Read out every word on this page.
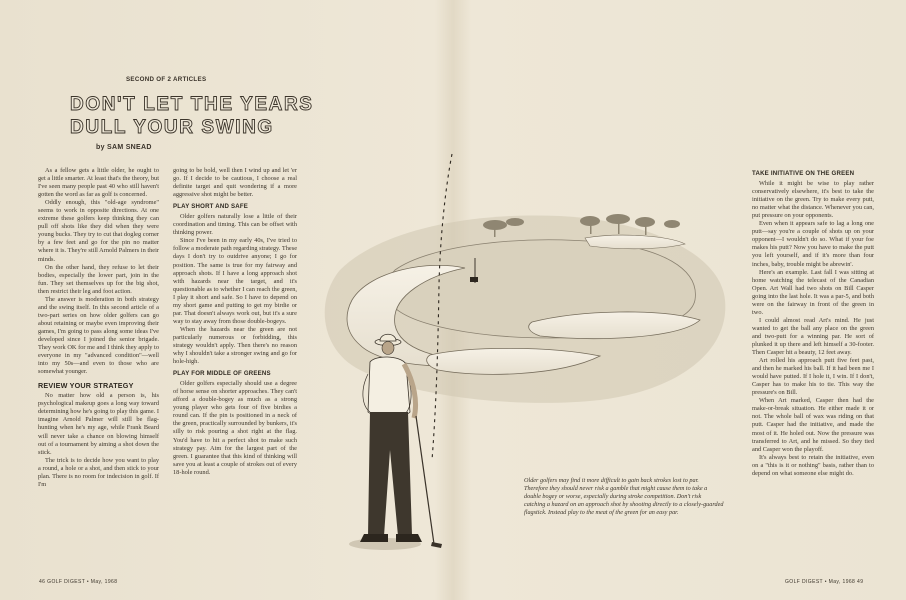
SECOND OF 2 ARTICLES
DON'T LET THE YEARS
DULL YOUR SWING
by SAM SNEAD

As a fellow gets a little older, he ought to get a little smarter. At least that's the theory, but I've seen many people past 40 who still haven't gotten the word as far as golf is concerned.

Oddly enough, this "old-age syndrome" seems to work in opposite directions. At one extreme these golfers keep thinking they can pull off shots like they did when they were young bucks. They try to cut that dogleg corner by a few feet and go for the pin no matter where it is. They're still Arnold Palmers in their minds.

On the other hand, they refuse to let their bodies, especially the lower part, join in the fun. They set themselves up for the big shot, then restrict their leg and foot action.

The answer is moderation in both strategy and the swing itself. In this second article of a two-part series on how older golfers can go about retaining or maybe even improving their games, I'm going to pass along some ideas I've developed since I joined the senior brigade. They work OK for me and I think they apply to everyone in my "advanced condition"—well into my 50s—and even to those who are somewhat younger.

REVIEW YOUR STRATEGY

No matter how old a person is, his psychological makeup goes a long way toward determining how he's going to play this game. I imagine Arnold Palmer will still be flag-hunting when he's my age, while Frank Beard will never take a chance on blowing himself out of a tournament by aiming a shot down the stick.

The trick is to decide how you want to play a round, a hole or a shot, and then stick to your plan. There is no room for indecision in golf. If I'm

going to be bold, well then I wind up and let 'er go. If I decide to be cautious, I choose a real definite target and quit wondering if a more aggressive shot might be better.

PLAY SHORT AND SAFE

Older golfers naturally lose a little of their coordination and timing. This can be offset with thinking power.

Since I've been in my early 40s, I've tried to follow a moderate path regarding strategy. These days I don't try to outdrive anyone; I go for position. The same is true for my fairway and approach shots. If I have a long approach shot with hazards near the target, and it's questionable as to whether I can reach the green, I play it short and safe. So I have to depend on my short game and putting to get my birdie or par. That doesn't always work out, but it's a sure way to stay away from those double-bogeys.

When the hazards near the green are not particularly numerous or forbidding, this strategy wouldn't apply. Then there's no reason why I shouldn't take a stronger swing and go for hole-high.

PLAY FOR MIDDLE OF GREENS

Older golfers especially should use a degree of horse sense on shorter approaches. They can't afford a double-bogey as much as a strong young player who gets four of five birdies a round can. If the pin is positioned in a neck of the green, practically surrounded by bunkers, it's silly to risk pouring a shot right at the flag. You'd have to hit a perfect shot to make such strategy pay. Aim for the largest part of the green. I guarantee that this kind of thinking will save you at least a couple of strokes out of every 18-hole round.

Older golfers may find it more difficult to gain back strokes lost to par. Therefore they should never risk a gamble that might cause them to take a double bogey or worse, especially during stroke competition. Don't risk catching a hazard on an approach shot by shooting directly to a closely-guarded flagstick. Instead play to the meat of the green for an easy par.
TAKE INITIATIVE ON THE GREEN

While it might be wise to play rather conservatively elsewhere, it's best to take the initiative on the green. Try to make every putt, no matter what the distance. Whenever you can, put pressure on your opponents.

Even when it appears safe to lag a long one putt—say you're a couple of shots up on your opponent—I wouldn't do so. What if your foe makes his putt? Now you have to make the putt you left yourself, and if it's more than four inches, baby, trouble might be abrewin'.

Here's an example. Last fall I was sitting at home watching the telecast of the Canadian Open. Art Wall had two shots on Bill Casper going into the last hole. It was a par-5, and both were on the fairway in front of the green in two.

I could almost read Art's mind. He just wanted to get the ball any place on the green and two-putt for a winning par. He sort of plunked it up there and left himself a 30-footer. Then Casper hit a beauty, 12 feet away.

Art rolled his approach putt five feet past, and then he marked his ball. If it had been me I would have putted. If I hole it, I win. If I don't, Casper has to make his to tie. This way the pressure's on Bill.

When Art marked, Casper then had the make-or-break situation. He either made it or not. The whole ball of wax was riding on that putt. Casper had the initiative, and made the most of it. He holed out. Now the pressure was transferred to Art, and he missed. So they tied and Casper won the playoff.

It's always best to retain the initiative, even on a "this is it or nothing" basis, rather than to depend on what someone else might do.

46 GOLF DIGEST • May, 1968	GOLF DIGEST • May, 1968 49
